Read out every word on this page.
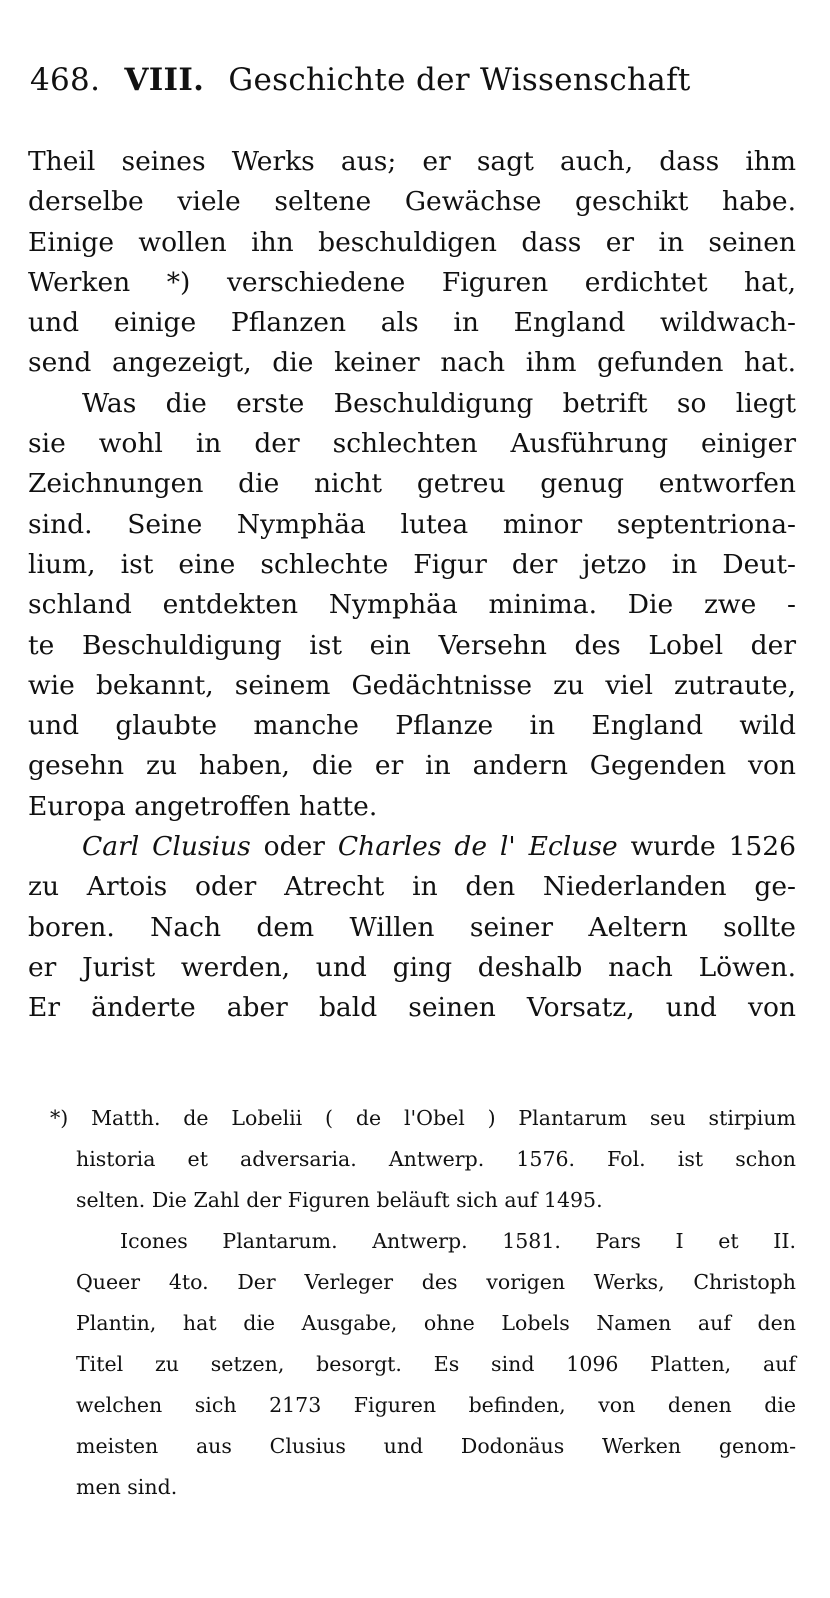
468. VIII. Geschichte der Wissenschaft
Theil seines Werks aus; er sagt auch, dass ihm
derselbe viele seltene Gewächse geschikt habe.
Einige wollen ihn beschuldigen dass er in seinen
Werken *) verschiedene Figuren erdichtet hat,
und einige Pflanzen als in England wildwach-
send angezeigt, die keiner nach ihm gefunden hat.
Was die erste Beschuldigung betrift so liegt
sie wohl in der schlechten Ausführung einiger
Zeichnungen die nicht getreu genug entworfen
sind. Seine Nymphäa lutea minor septentriona-
lium, ist eine schlechte Figur der jetzo in Deut-
schland entdekten Nymphäa minima. Die zwe -
te Beschuldigung ist ein Versehn des Lobel der
wie bekannt, seinem Gedächtnisse zu viel zutraute,
und glaubte manche Pflanze in England wild
gesehn zu haben, die er in andern Gegenden von
Europa angetroffen hatte.
Carl Clusius oder Charles de l' Ecluse wurde 1526
zu Artois oder Atrecht in den Niederlanden ge-
boren. Nach dem Willen seiner Aeltern sollte
er Jurist werden, und ging deshalb nach Löwen.
Er änderte aber bald seinen Vorsatz, und von
*) Matth. de Lobelii ( de l'Obel ) Plantarum seu stirpium
historia et adversaria. Antwerp. 1576. Fol. ist schon
selten. Die Zahl der Figuren beläuft sich auf 1495.
Icones Plantarum. Antwerp. 1581. Pars I et II.
Queer 4to. Der Verleger des vorigen Werks, Christoph
Plantin, hat die Ausgabe, ohne Lobels Namen auf den
Titel zu setzen, besorgt. Es sind 1096 Platten, auf
welchen sich 2173 Figuren befinden, von denen die
meisten aus Clusius und Dodonäus Werken genom-
men sind.
